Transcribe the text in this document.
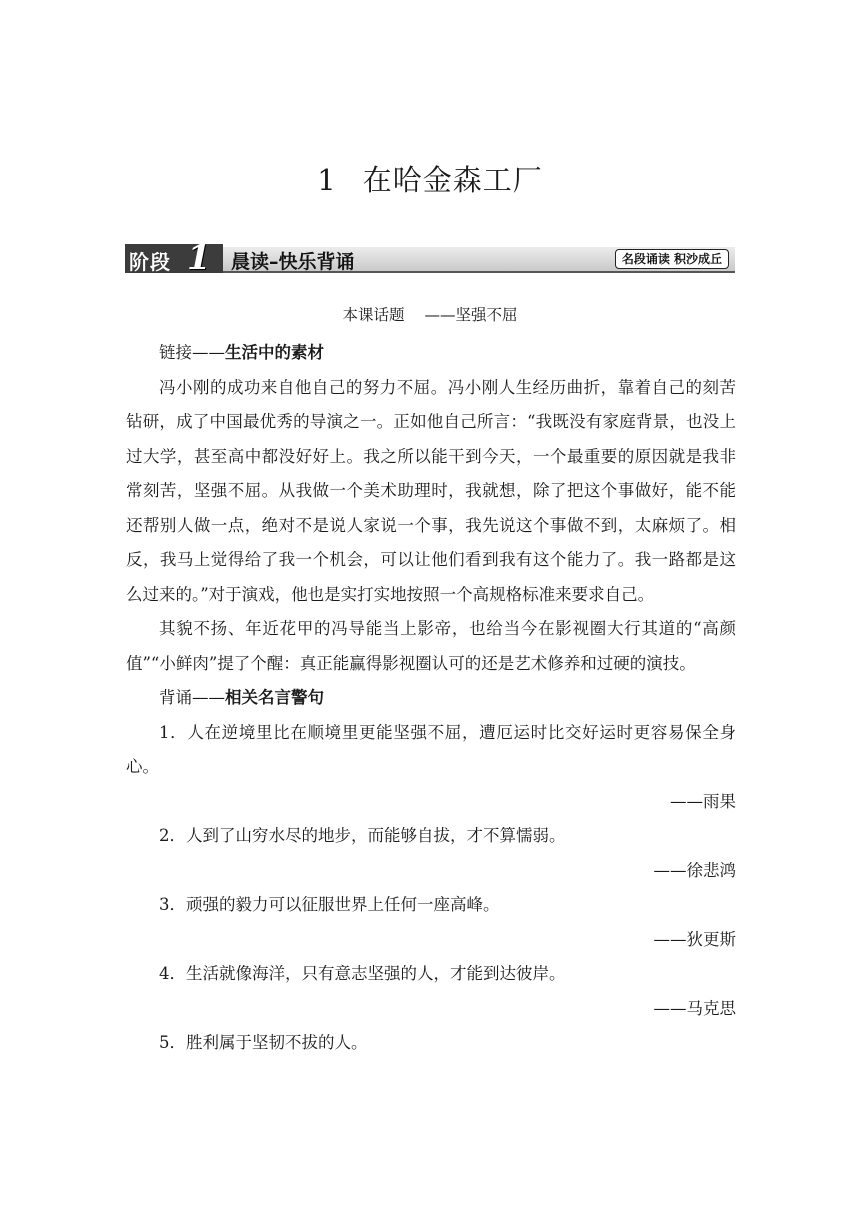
1 在哈金森工厂
阶段 1	晨读–快乐背诵	名段诵读 积沙成丘
本课话题 ——坚强不屈

链接——生活中的素材

冯小刚的成功来自他自己的努力不屈。冯小刚人生经历曲折，靠着自己的刻苦钻研，成了中国最优秀的导演之一。正如他自己所言：“我既没有家庭背景，也没上过大学，甚至高中都没好好上。我之所以能干到今天，一个最重要的原因就是我非常刻苦，坚强不屈。从我做一个美术助理时，我就想，除了把这个事做好，能不能还帮别人做一点，绝对不是说人家说一个事，我先说这个事做不到，太麻烦了。相反，我马上觉得给了我一个机会，可以让他们看到我有这个能力了。我一路都是这么过来的。”对于演戏，他也是实打实地按照一个高规格标准来要求自己。

其貌不扬、年近花甲的冯导能当上影帝，也给当今在影视圈大行其道的“高颜值”“小鲜肉”提了个醒：真正能赢得影视圈认可的还是艺术修养和过硬的演技。

背诵——相关名言警句

1．人在逆境里比在顺境里更能坚强不屈，遭厄运时比交好运时更容易保全身心。

——雨果

2．人到了山穷水尽的地步，而能够自拔，才不算懦弱。

——徐悲鸿

3．顽强的毅力可以征服世界上任何一座高峰。

——狄更斯

4．生活就像海洋，只有意志坚强的人，才能到达彼岸。

——马克思

5．胜利属于坚韧不拔的人。
